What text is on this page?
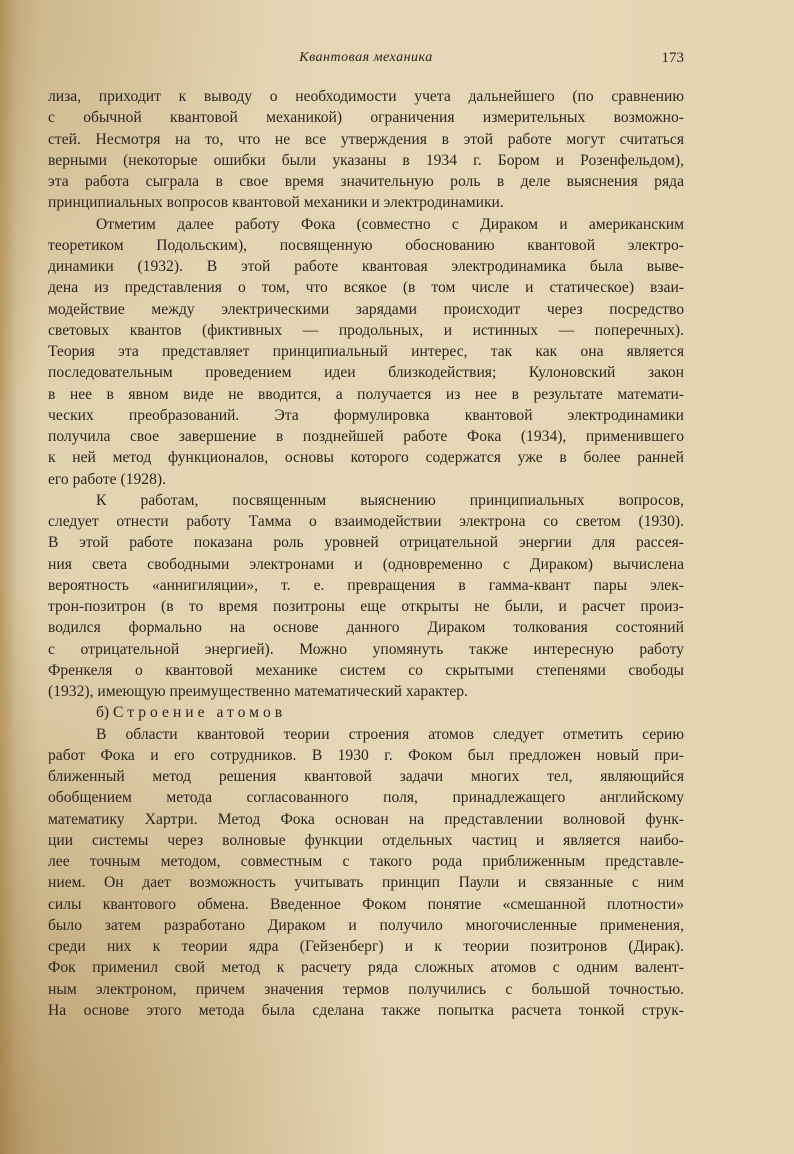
Квантовая механика	173
лиза, приходит к выводу о необходимости учета дальнейшего (по сравнению
с обычной квантовой механикой) ограничения измерительных возможно-
стей. Несмотря на то, что не все утверждения в этой работе могут считаться
верными (некоторые ошибки были указаны в 1934 г. Бором и Розенфельдом),
эта работа сыграла в свое время значительную роль в деле выяснения ряда
принципиальных вопросов квантовой механики и электродинамики.
Отметим далее работу Фока (совместно с Дираком и американским
теоретиком Подольским), посвященную обоснованию квантовой электро-
динамики (1932). В этой работе квантовая электродинамика была выве-
дена из представления о том, что всякое (в том числе и статическое) взаи-
модействие между электрическими зарядами происходит через посредство
световых квантов (фиктивных — продольных, и истинных — поперечных).
Теория эта представляет принципиальный интерес, так как она является
последовательным проведением идеи близкодействия; Кулоновский закон
в нее в явном виде не вводится, а получается из нее в результате математи-
ческих преобразований. Эта формулировка квантовой электродинамики
получила свое завершение в позднейшей работе Фока (1934), применившего
к ней метод функционалов, основы которого содержатся уже в более ранней
его работе (1928).
К работам, посвященным выяснению принципиальных вопросов,
следует отнести работу Тамма о взаимодействии электрона со светом (1930).
В этой работе показана роль уровней отрицательной энергии для рассея-
ния света свободными электронами и (одновременно с Дираком) вычислена
вероятность «аннигиляции», т. е. превращения в гамма-квант пары элек-
трон-позитрон (в то время позитроны еще открыты не были, и расчет произ-
водился формально на основе данного Дираком толкования состояний
с отрицательной энергией). Можно упомянуть также интересную работу
Френкеля о квантовой механике систем со скрытыми степенями свободы
(1932), имеющую преимущественно математический характер.
б) Строение атомов
В области квантовой теории строения атомов следует отметить серию
работ Фока и его сотрудников. В 1930 г. Фоком был предложен новый при-
ближенный метод решения квантовой задачи многих тел, являющийся
обобщением метода согласованного поля, принадлежащего английскому
математику Хартри. Метод Фока основан на представлении волновой функ-
ции системы через волновые функции отдельных частиц и является наибо-
лее точным методом, совместным с такого рода приближенным представле-
нием. Он дает возможность учитывать принцип Паули и связанные с ним
силы квантового обмена. Введенное Фоком понятие «смешанной плотности»
было затем разработано Дираком и получило многочисленные применения,
среди них к теории ядра (Гейзенберг) и к теории позитронов (Дирак).
Фок применил свой метод к расчету ряда сложных атомов с одним валент-
ным электроном, причем значения термов получились с большой точностью.
На основе этого метода была сделана также попытка расчета тонкой струк-
